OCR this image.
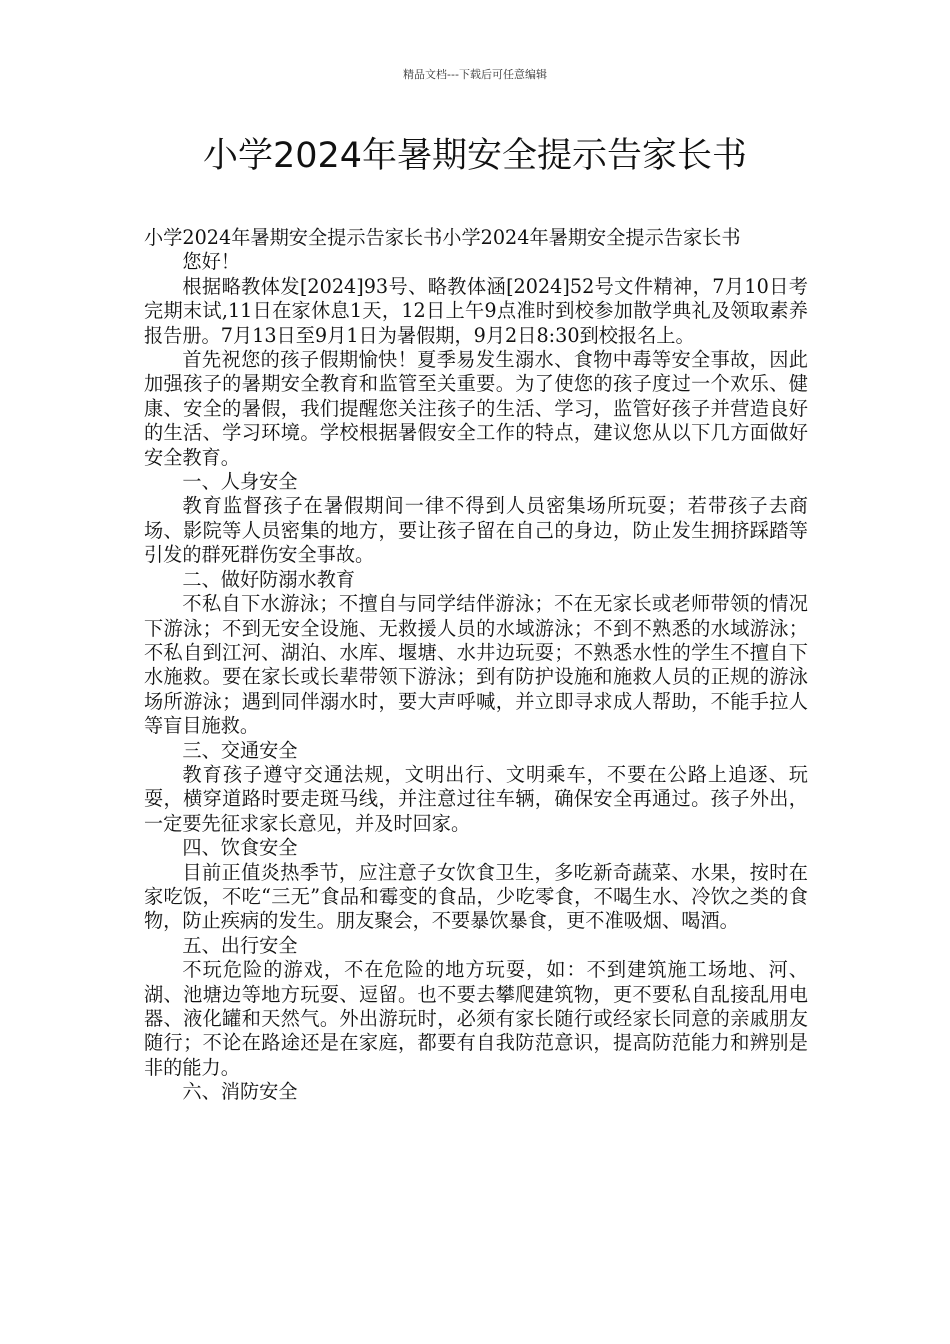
精品文档---下载后可任意编辑
小学2024年暑期安全提示告家长书

小学2024年暑期安全提示告家长书小学2024年暑期安全提示告家长书

您好！

根据略教体发[2024]93号、略教体涵[2024]52号文件精神，7月10日考完期末试,11日在家休息1天，12日上午9点准时到校参加散学典礼及领取素养报告册。7月13日至9月1日为暑假期，9月2日8:30到校报名上。

首先祝您的孩子假期愉快！夏季易发生溺水、食物中毒等安全事故，因此加强孩子的暑期安全教育和监管至关重要。为了使您的孩子度过一个欢乐、健康、安全的暑假，我们提醒您关注孩子的生活、学习，监管好孩子并营造良好的生活、学习环境。学校根据暑假安全工作的特点，建议您从以下几方面做好安全教育。

一、人身安全

教育监督孩子在暑假期间一律不得到人员密集场所玩耍；若带孩子去商场、影院等人员密集的地方，要让孩子留在自己的身边，防止发生拥挤踩踏等引发的群死群伤安全事故。

二、做好防溺水教育

不私自下水游泳；不擅自与同学结伴游泳；不在无家长或老师带领的情况下游泳；不到无安全设施、无救援人员的水域游泳；不到不熟悉的水域游泳；不私自到江河、湖泊、水库、堰塘、水井边玩耍；不熟悉水性的学生不擅自下水施救。要在家长或长辈带领下游泳；到有防护设施和施救人员的正规的游泳场所游泳；遇到同伴溺水时，要大声呼喊，并立即寻求成人帮助，不能手拉人等盲目施救。

三、交通安全

教育孩子遵守交通法规，文明出行、文明乘车，不要在公路上追逐、玩耍，横穿道路时要走斑马线，并注意过往车辆，确保安全再通过。孩子外出，一定要先征求家长意见，并及时回家。

四、饮食安全

目前正值炎热季节，应注意子女饮食卫生，多吃新奇蔬菜、水果，按时在家吃饭，不吃“三无”食品和霉变的食品，少吃零食，不喝生水、冷饮之类的食物，防止疾病的发生。朋友聚会，不要暴饮暴食，更不准吸烟、喝酒。

五、出行安全

不玩危险的游戏，不在危险的地方玩耍，如：不到建筑施工场地、河、湖、池塘边等地方玩耍、逗留。也不要去攀爬建筑物，更不要私自乱接乱用电器、液化罐和天然气。外出游玩时，必须有家长随行或经家长同意的亲戚朋友随行；不论在路途还是在家庭，都要有自我防范意识，提高防范能力和辨别是非的能力。

六、消防安全
